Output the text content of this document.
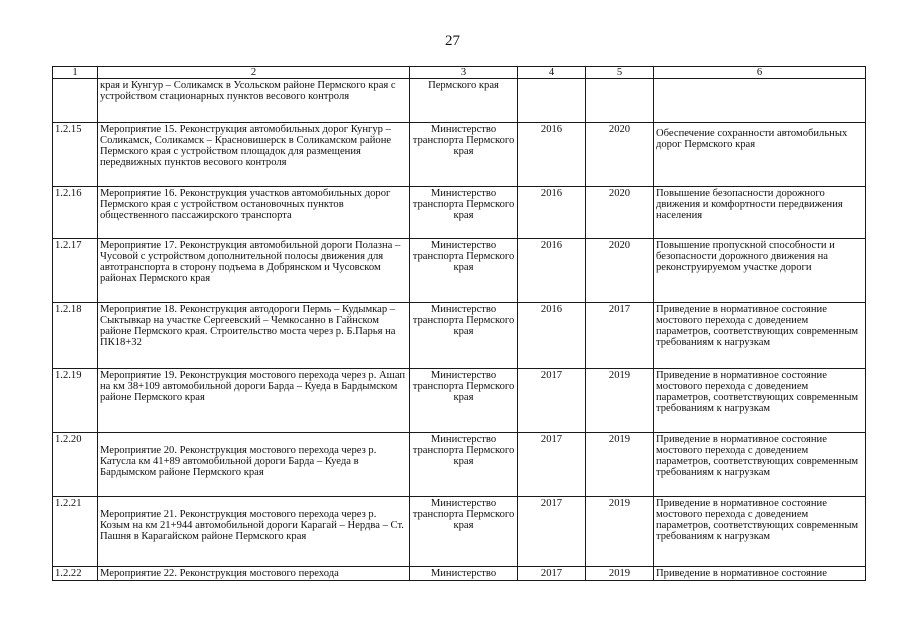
27
1	2	3	4	5	6
	края и Кунгур – Соликамск в Усольском районе Пермского края с устройством стационарных пунктов весового контроля	Пермского края			
1.2.15	Мероприятие 15. Реконструкция автомобильных дорог Кунгур – Соликамск, Соликамск – Красновишерск в Соликамском районе Пермского края с устройством площадок для размещения передвижных пунктов весового контроля	Министерство транспорта Пермского края	2016	2020	Обеспечение сохранности автомобильных дорог Пермского края
1.2.16	Мероприятие 16. Реконструкция участков автомобильных дорог Пермского края с устройством остановочных пунктов общественного пассажирского транспорта	Министерство транспорта Пермского края	2016	2020	Повышение безопасности дорожного движения и комфортности передвижения населения
1.2.17	Мероприятие 17. Реконструкция автомобильной дороги Полазна – Чусовой с устройством дополнительной полосы движения для автотранспорта в сторону подъема в Добрянском и Чусовском районах Пермского края	Министерство транспорта Пермского края	2016	2020	Повышение пропускной способности и безопасности дорожного движения на реконструируемом участке дороги
1.2.18	Мероприятие 18. Реконструкция автодороги Пермь – Кудымкар – Сыктывкар на участке Сергеевский – Чемкосанно в Гайнском районе Пермского края. Строительство моста через р. Б.Парья на ПК18+32	Министерство транспорта Пермского края	2016	2017	Приведение в нормативное состояние мостового перехода с доведением параметров, соответствующих современным требованиям к нагрузкам
1.2.19	Мероприятие 19. Реконструкция мостового перехода через р. Ашап на км 38+109 автомобильной дороги Барда – Куеда в Бардымском районе Пермского края	Министерство транспорта Пермского края	2017	2019	Приведение в нормативное состояние мостового перехода с доведением параметров, соответствующих современным требованиям к нагрузкам
1.2.20	Мероприятие 20. Реконструкция мостового перехода через р. Катусла км 41+89 автомобильной дороги Барда – Куеда в Бардымском районе Пермского края	Министерство транспорта Пермского края	2017	2019	Приведение в нормативное состояние мостового перехода с доведением параметров, соответствующих современным требованиям к нагрузкам
1.2.21	Мероприятие 21. Реконструкция мостового перехода через р. Козым на км 21+944 автомобильной дороги Карагай – Нердва – Ст. Пашня в Карагайском районе Пермского края	Министерство транспорта Пермского края	2017	2019	Приведение в нормативное состояние мостового перехода с доведением параметров, соответствующих современным требованиям к нагрузкам
1.2.22	Мероприятие 22. Реконструкция мостового перехода	Министерство	2017	2019	Приведение в нормативное состояние
